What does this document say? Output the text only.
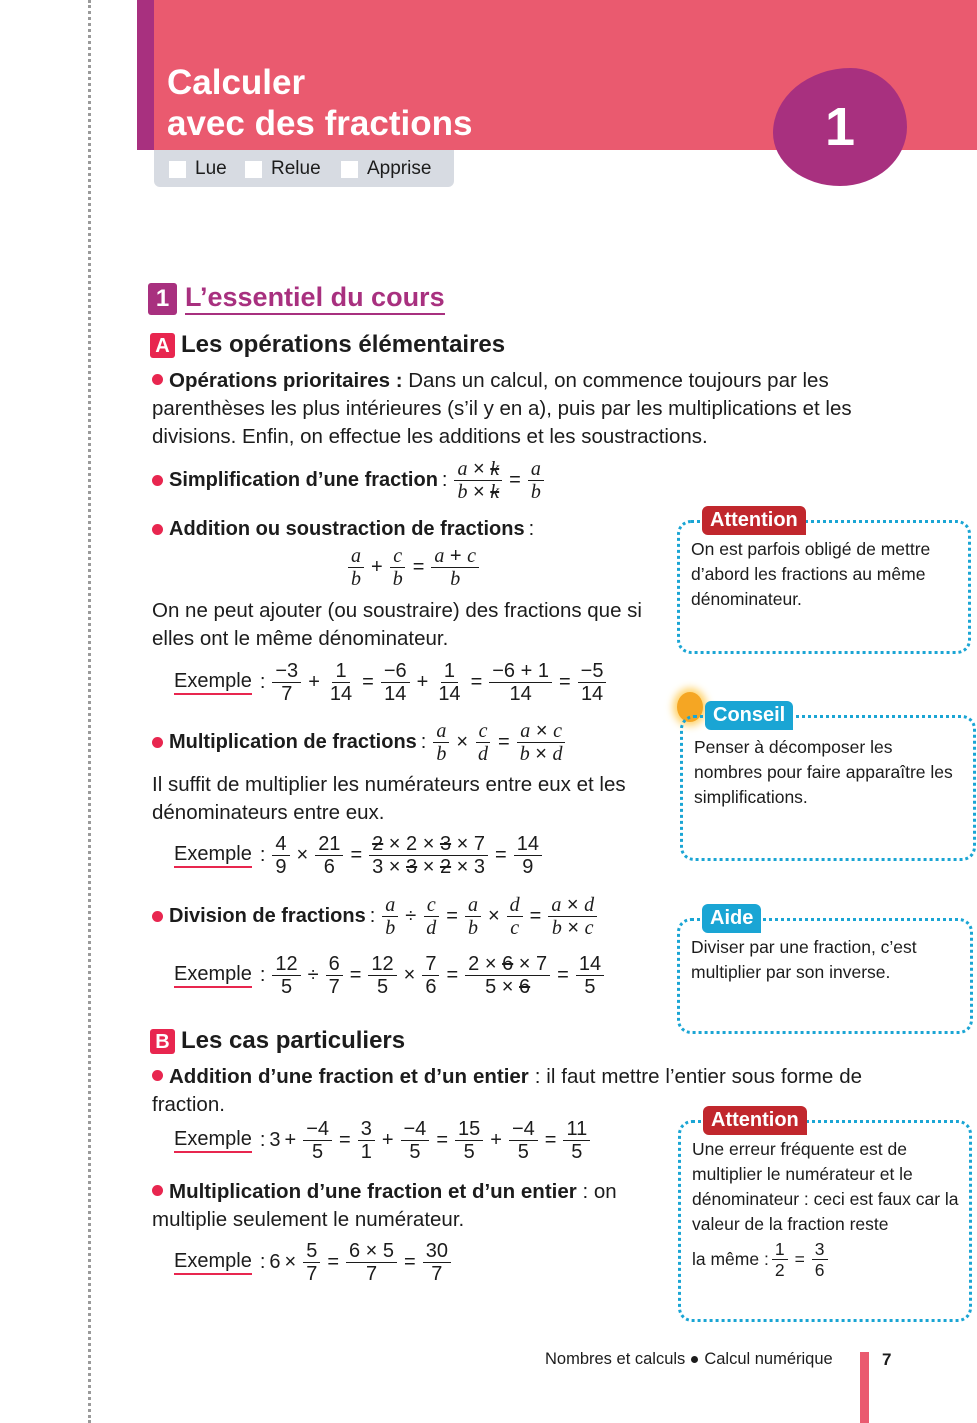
Calculer
avec des fractions	1
Lue Relue Apprise
1 L’essentiel du cours
A Les opérations élémentaires
Opérations prioritaires : Dans un calcul, on commence toujours par les parenthèses les plus intérieures (s’il y en a), puis par les multiplications et les divisions. Enfin, on effectue les additions et les soustractions.
Simplification d’une fraction : $\frac{a \times k}{b \times k} = \frac{a}{b}$
Addition ou soustraction de fractions :
$\frac{a}{b} + \frac{c}{b} = \frac{a + c}{b}$
On ne peut ajouter (ou soustraire) des fractions que si elles ont le même dénominateur.
Exemple : $\frac{-3}{7} + \frac{1}{14} = \frac{-6}{14} + \frac{1}{14} = \frac{-6 + 1}{14} = \frac{-5}{14}$
Multiplication de fractions : $\frac{a}{b} \times \frac{c}{d} = \frac{a \times c}{b \times d}$
Il suffit de multiplier les numérateurs entre eux et les dénominateurs entre eux.
Exemple : $\frac{4}{9} \times \frac{21}{6} = \frac{2 \times 2 \times 3 \times 7}{3 \times 3 \times 2 \times 3} = \frac{14}{9}$
Division de fractions : $\frac{a}{b} \div \frac{c}{d} = \frac{a}{b} \times \frac{d}{c} = \frac{a \times d}{b \times c}$
Exemple : $\frac{12}{5} \div \frac{6}{7} = \frac{12}{5} \times \frac{7}{6} = \frac{2 \times 6 \times 7}{5 \times 6} = \frac{14}{5}$
B Les cas particuliers
Addition d’une fraction et d’un entier : il faut mettre l’entier sous forme de fraction.
Exemple : $3 + \frac{-4}{5} = \frac{3}{1} + \frac{-4}{5} = \frac{15}{5} + \frac{-4}{5} = \frac{11}{5}$
Multiplication d’une fraction et d’un entier : on multiplie seulement le numérateur.
Exemple : $6 \times \frac{5}{7} = \frac{6 \times 5}{7} = \frac{30}{7}$
Attention
On est parfois obligé de mettre d’abord les fractions au même dénominateur.
Conseil
Penser à décomposer les nombres pour faire apparaître les simplifications.
Aide
Diviser par une fraction, c’est multiplier par son inverse.
Attention
Une erreur fréquente est de multiplier le numérateur et le dénominateur : ceci est faux car la valeur de la fraction reste
la même : $\frac{1}{2} = \frac{3}{6}$
Nombres et calculs Calcul numérique	7
